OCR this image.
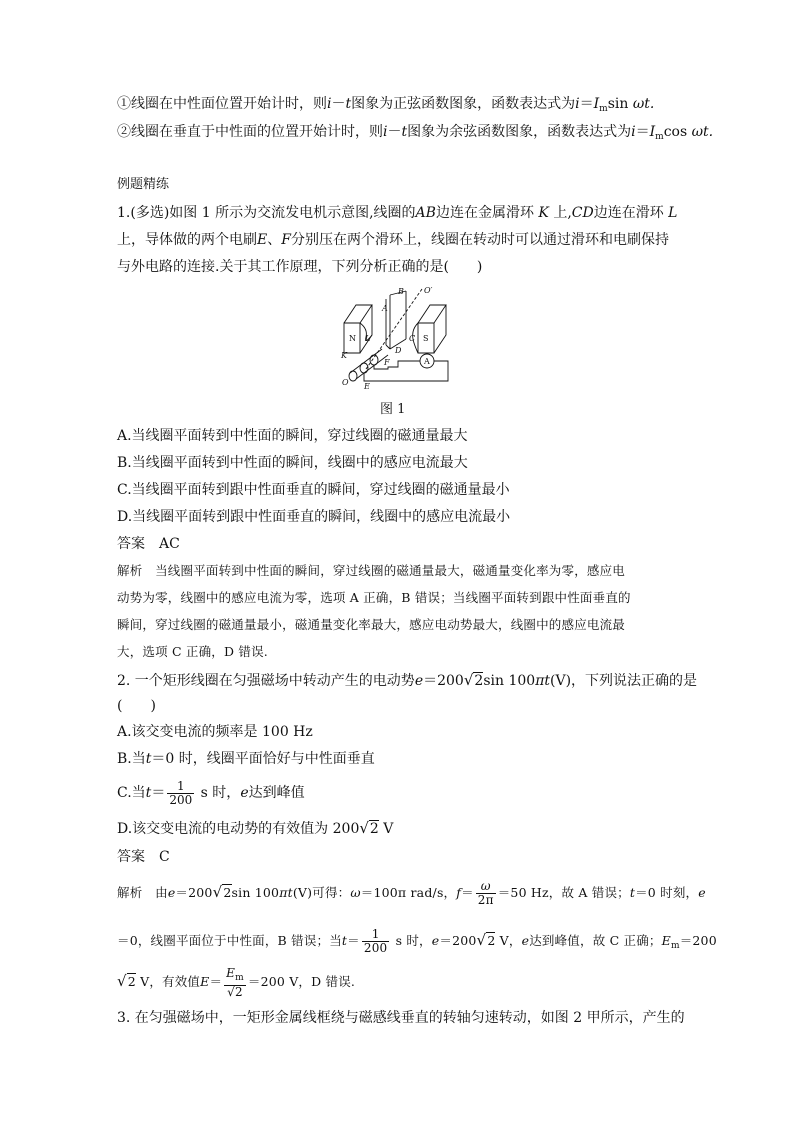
①线圈在中性面位置开始计时，则i－t图象为正弦函数图象，函数表达式为$i=I_m\sin$ ωt.
②线圈在垂直于中性面的位置开始计时，则i－t图象为余弦函数图象，函数表达式为$i=I_m\cos$ ωt.
例题精练
1.(多选)如图 1 所示为交流发电机示意图,线圈的AB边连在金属滑环 K 上,CD边连在滑环 L
上，导体做的两个电刷E、F分别压在两个滑环上，线圈在转动时可以通过滑环和电刷保持
与外电路的连接.关于其工作原理，下列分析正确的是(　　)
B	O′
A
N	S
L	C
D
K
F
O E
A
图 1
A.当线圈平面转到中性面的瞬间，穿过线圈的磁通量最大
B.当线圈平面转到中性面的瞬间，线圈中的感应电流最大
C.当线圈平面转到跟中性面垂直的瞬间，穿过线圈的磁通量最小
D.当线圈平面转到跟中性面垂直的瞬间，线圈中的感应电流最小
答案　 AC
解析　 当线圈平面转到中性面的瞬间，穿过线圈的磁通量最大，磁通量变化率为零，感应电
动势为零，线圈中的感应电流为零，选项 A 正确，B 错误；当线圈平面转到跟中性面垂直的
瞬间，穿过线圈的磁通量最小，磁通量变化率最大，感应电动势最大，线圈中的感应电流最
大，选项 C 正确，D 错误.
2. 一个矩形线圈在匀强磁场中转动产生的电动势e＝200√2sin 100πt(V)，下列说法正确的是
(　　)
A.该交变电流的频率是 100 Hz
B.当t＝0 时，线圈平面恰好与中性面垂直
C.当$t= \frac{1}{200}$ s 时，e达到峰值
D.该交变电流的电动势的有效值为 200√2 V
答案　 C
解析　 由e＝200√2sin 100πt(V)可得：ω＝100π rad/s，$f= \frac{\omega}{2\pi} =50$ Hz，故 A 错误；t＝0 时刻，e
＝0，线圈平面位于中性面，B 错误；当$t= \frac{1}{200}$ s 时，e＝200√2 V，e达到峰值，故 C 正确；$E_m=200$
√2 V，有效值$E= \frac{E_m}{√2} =200$ V，D 错误.
3. 在匀强磁场中，一矩形金属线框绕与磁感线垂直的转轴匀速转动，如图 2 甲所示，产生的
